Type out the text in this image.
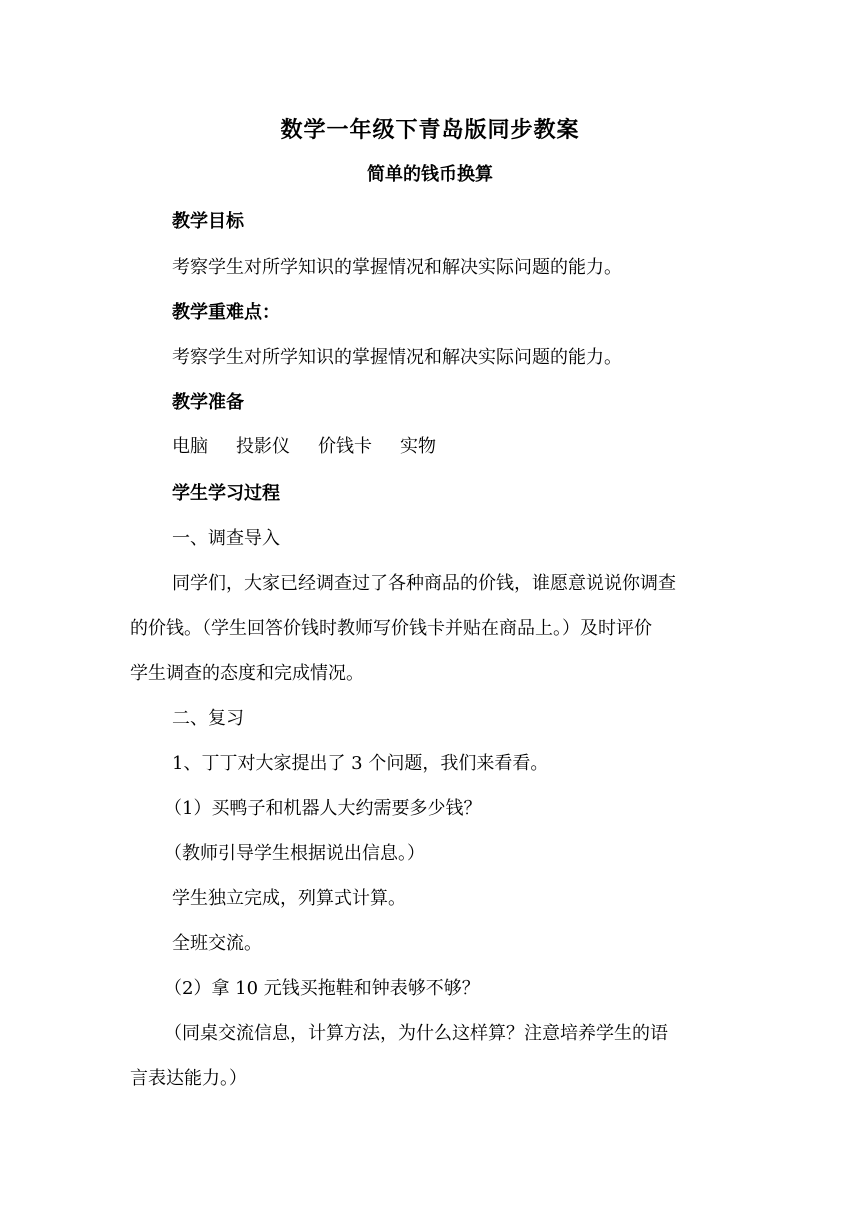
数学一年级下青岛版同步教案
简单的钱币换算
教学目标
考察学生对所学知识的掌握情况和解决实际问题的能力。
教学重难点：
考察学生对所学知识的掌握情况和解决实际问题的能力。
教学准备
电脑 投影仪 价钱卡 实物
学生学习过程
一、调查导入
同学们，大家已经调查过了各种商品的价钱，谁愿意说说你调查
的价钱。（学生回答价钱时教师写价钱卡并贴在商品上。）及时评价
学生调查的态度和完成情况。
二、复习
1、丁丁对大家提出了 3 个问题，我们来看看。
（1）买鸭子和机器人大约需要多少钱？
（教师引导学生根据说出信息。）
学生独立完成，列算式计算。
全班交流。
（2）拿 10 元钱买拖鞋和钟表够不够？
（同桌交流信息，计算方法，为什么这样算？注意培养学生的语
言表达能力。）
